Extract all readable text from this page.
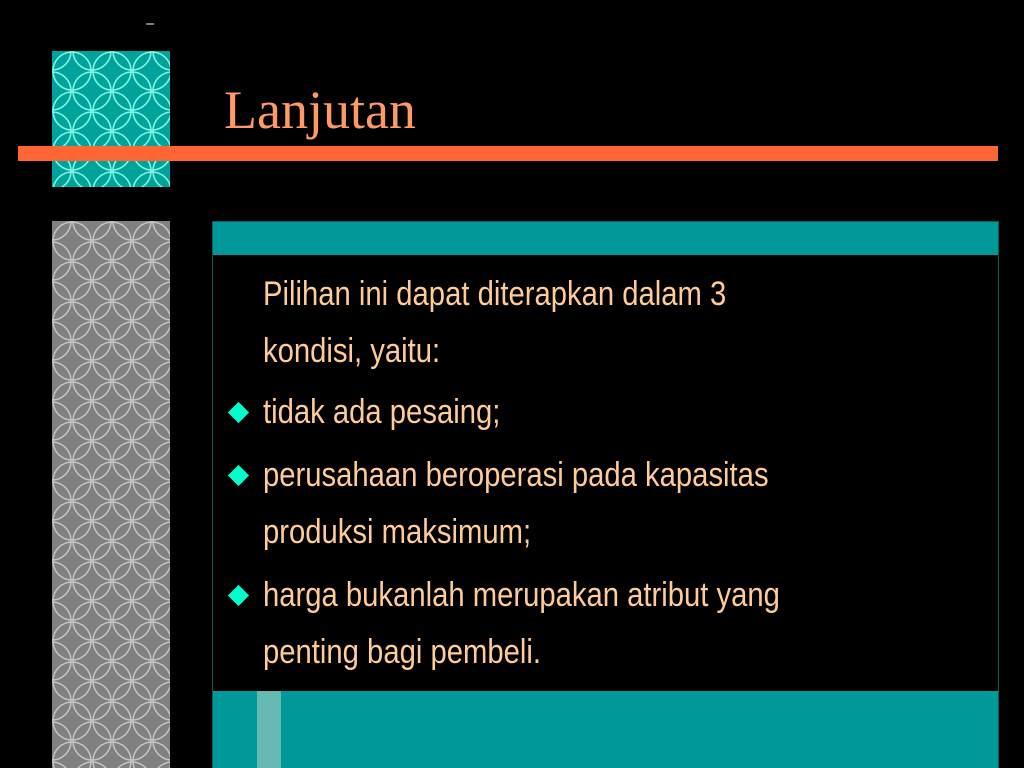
Lanjutan

Pilihan ini dapat diterapkan dalam 3
kondisi, yaitu:

tidak ada pesaing;

perusahaan beroperasi pada kapasitas
produksi maksimum;

harga bukanlah merupakan atribut yang
penting bagi pembeli.
